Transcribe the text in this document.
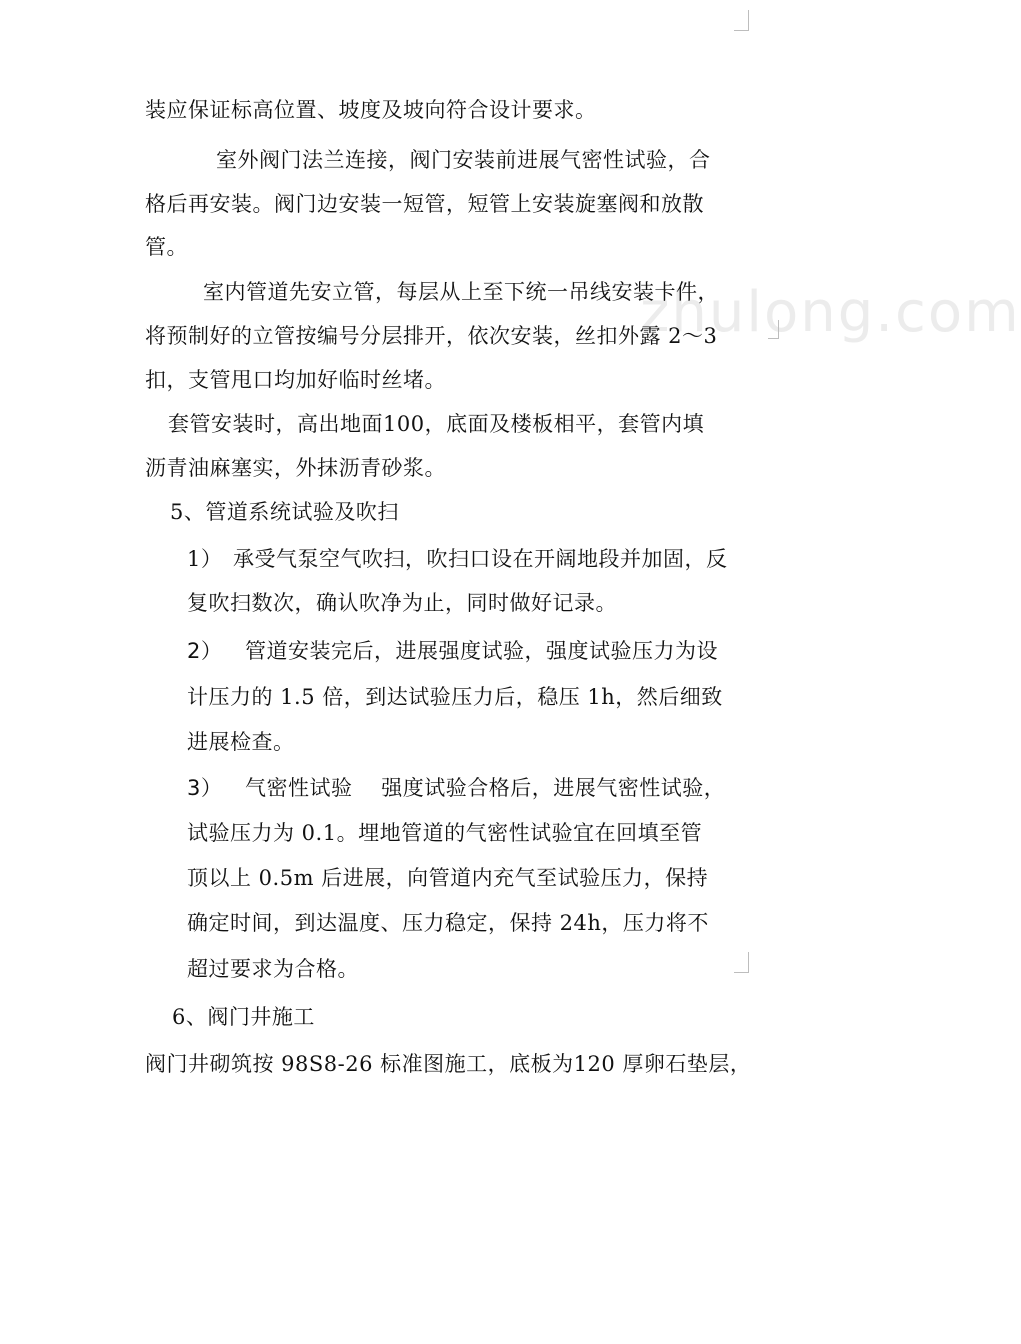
zhulong.com
装应保证标高位置、坡度及坡向符合设计要求。
室外阀门法兰连接，阀门安装前进展气密性试验，合
格后再安装。阀门边安装一短管，短管上安装旋塞阀和放散
管。
室内管道先安立管，每层从上至下统一吊线安装卡件，
将预制好的立管按编号分层排开，依次安装，丝扣外露 2～3
扣，支管甩口均加好临时丝堵。
套管安装时，高出地面100，底面及楼板相平，套管内填
沥青油麻塞实，外抹沥青砂浆。
5、管道系统试验及吹扫
1） 承受气泵空气吹扫，吹扫口设在开阔地段并加固，反
复吹扫数次，确认吹净为止，同时做好记录。
2） 管道安装完后，进展强度试验，强度试验压力为设
计压力的 1.5 倍，到达试验压力后，稳压 1h，然后细致
进展检查。
3） 气密性试验    强度试验合格后，进展气密性试验，
试验压力为 0.1。埋地管道的气密性试验宜在回填至管
顶以上 0.5m 后进展，向管道内充气至试验压力，保持
确定时间，到达温度、压力稳定，保持 24h，压力将不
超过要求为合格。
6、阀门井施工
阀门井砌筑按 98S8-26 标准图施工，底板为120 厚卵石垫层，
